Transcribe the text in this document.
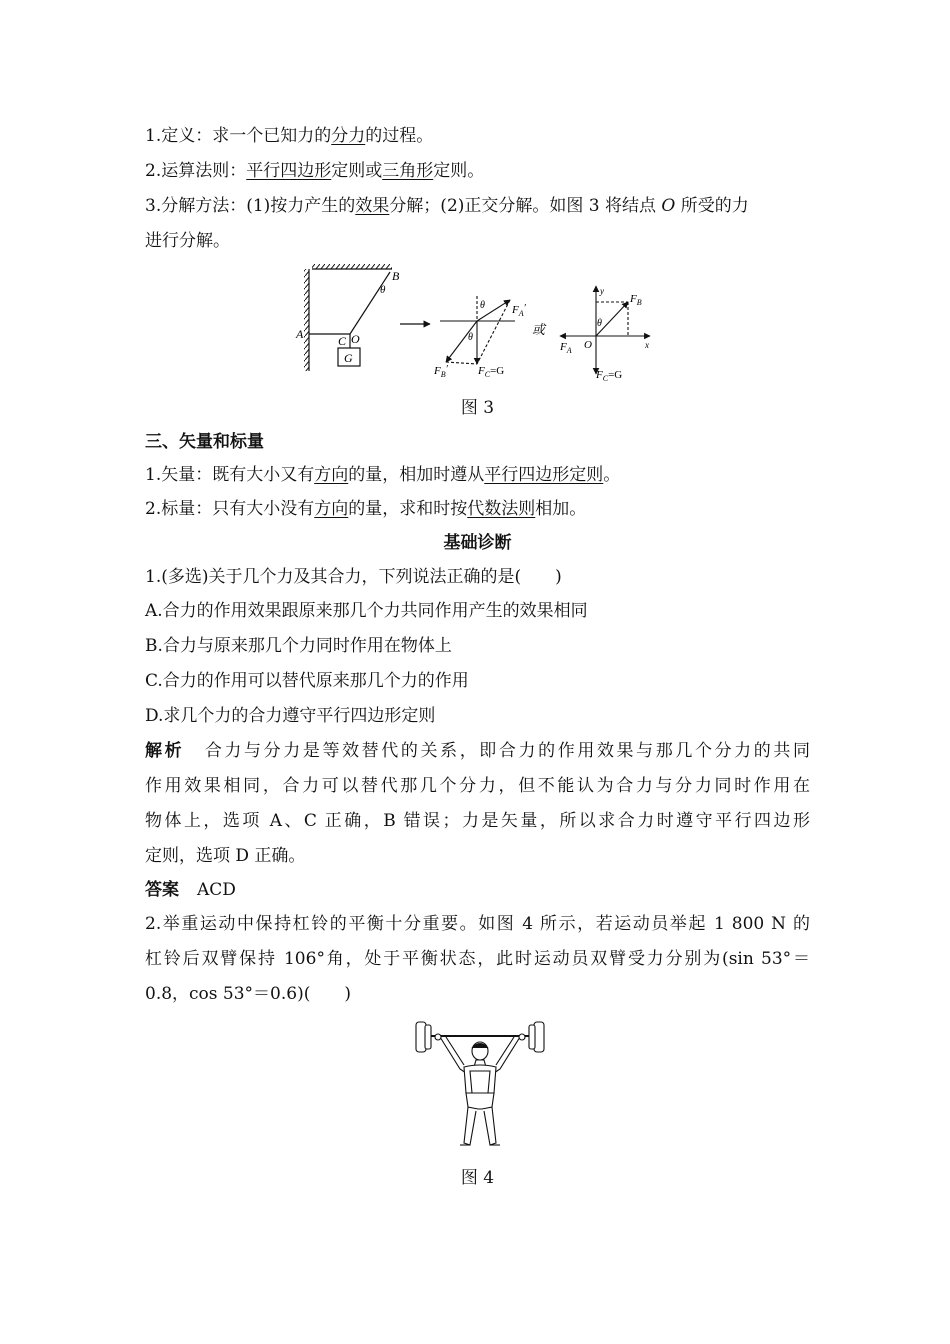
1.定义：求一个已知力的分力的过程。
2.运算法则：平行四边形定则或三角形定则。
3.分解方法：(1)按力产生的效果分解；(2)正交分解。如图 3 将结点 O 所受的力
进行分解。
A
B
θ
C O
G
θ
θ
$F_A'$
$F_B'$	$F_C=G$
或
y
x
θ
O
$F_B$
$F_A$
$F_C=G$
图 3
三、矢量和标量
1.矢量：既有大小又有方向的量，相加时遵从平行四边形定则。
2.标量：只有大小没有方向的量，求和时按代数法则相加。
基础诊断
1.(多选)关于几个力及其合力，下列说法正确的是(　　)
A.合力的作用效果跟原来那几个力共同作用产生的效果相同
B.合力与原来那几个力同时作用在物体上
C.合力的作用可以替代原来那几个力的作用
D.求几个力的合力遵守平行四边形定则
解析 合力与分力是等效替代的关系，即合力的作用效果与那几个分力的共同
作用效果相同，合力可以替代那几个分力，但不能认为合力与分力同时作用在
物体上，选项 A、C 正确，B 错误；力是矢量，所以求合力时遵守平行四边形
定则，选项 D 正确。
答案 ACD
2.举重运动中保持杠铃的平衡十分重要。如图 4 所示，若运动员举起 1 800 N 的
杠铃后双臂保持 106°角，处于平衡状态，此时运动员双臂受力分别为(sin 53°＝
0.8，cos 53°＝0.6)(　　)
图 4
